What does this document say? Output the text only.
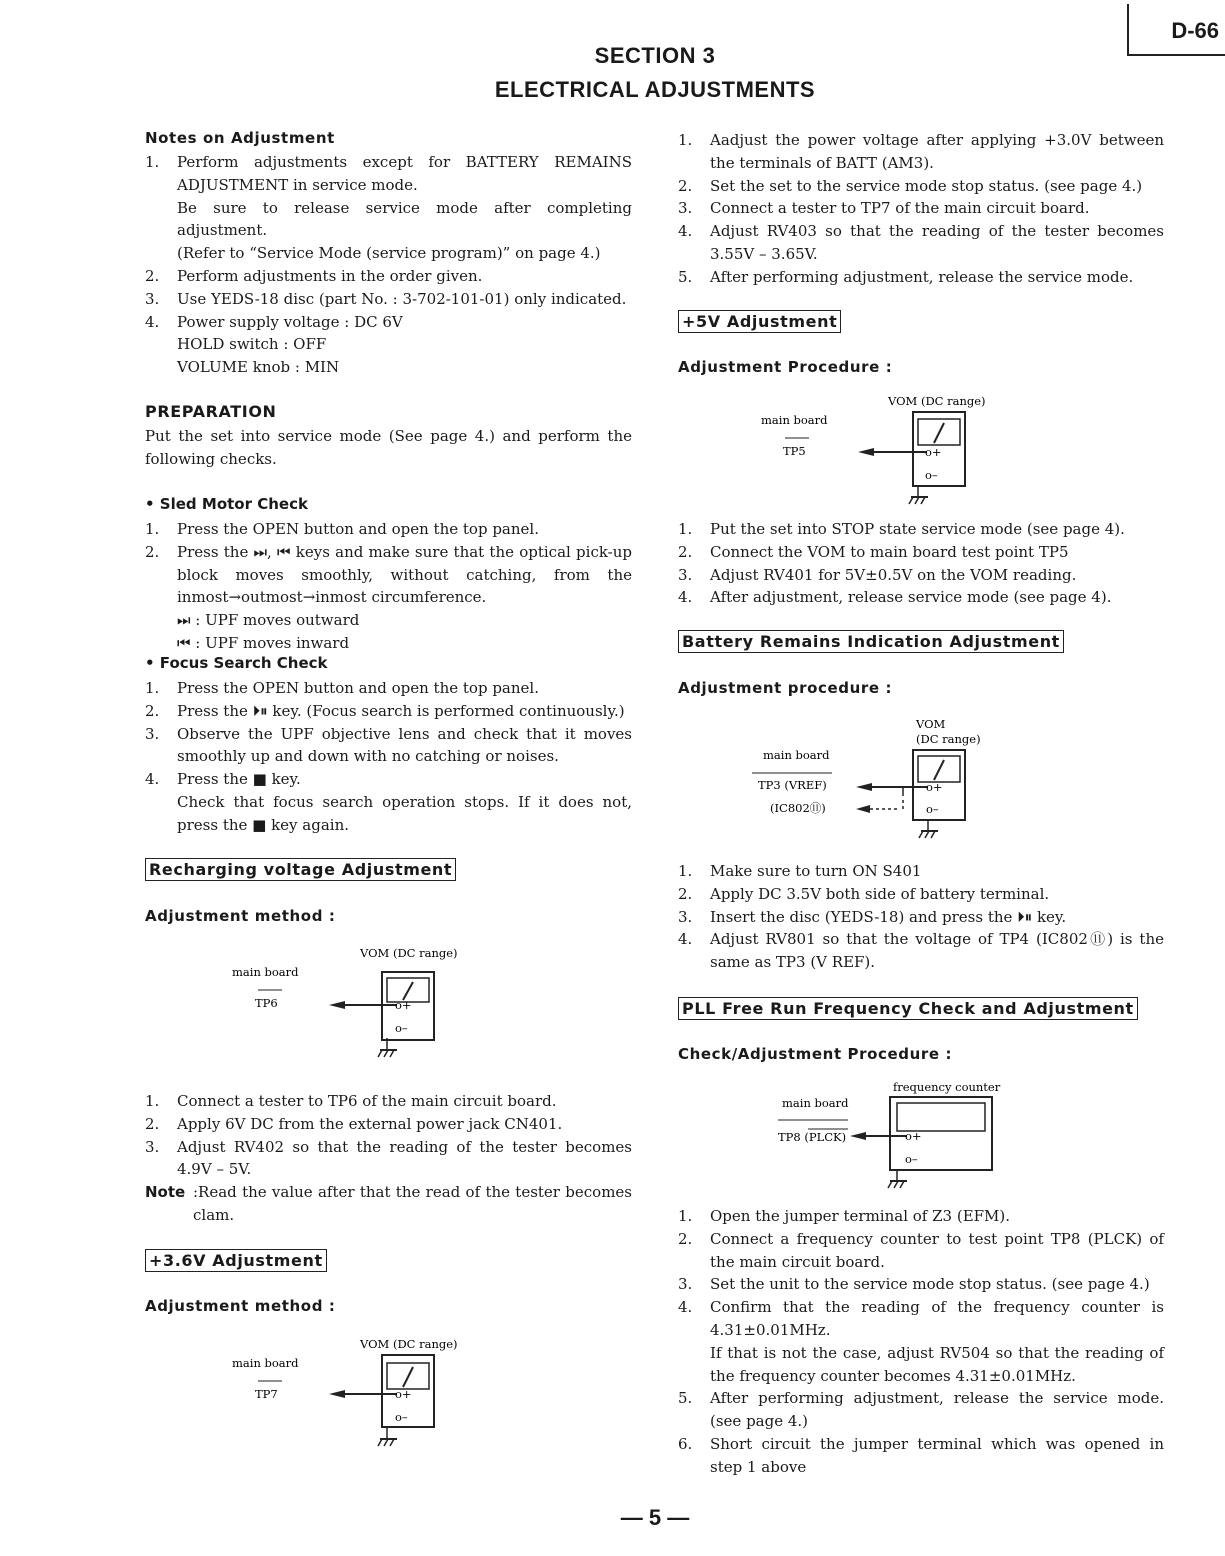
D-66
SECTION 3
ELECTRICAL ADJUSTMENTS
Notes on Adjustment
1. Perform adjustments except for BATTERY REMAINS ADJUSTMENT in service mode.
Be sure to release service mode after completing adjustment.
(Refer to “Service Mode (service program)” on page 4.)
2. Perform adjustments in the order given.
3. Use YEDS-18 disc (part No. : 3-702-101-01) only indicated.
4. Power supply voltage : DC 6V
HOLD switch : OFF
VOLUME knob : MIN
PREPARATION
Put the set into service mode (See page 4.) and perform the following checks.
• Sled Motor Check
1. Press the OPEN button and open the top panel.
2. Press the ⏭, ⏮ keys and make sure that the optical pick-up block moves smoothly, without catching, from the inmost→outmost→inmost circumference.
⏭ : UPF moves outward
⏮ : UPF moves inward
• Focus Search Check
1. Press the OPEN button and open the top panel.
2. Press the ⏵⏸ key. (Focus search is performed continuously.)
3. Observe the UPF objective lens and check that it moves smoothly up and down with no catching or noises.
4. Press the ■ key.
Check that focus search operation stops. If it does not, press the ■ key again.
Recharging voltage Adjustment
Adjustment method :
VOM (DC range)
main board
TP6	o+
o–
1. Connect a tester to TP6 of the main circuit board.
2. Apply 6V DC from the external power jack CN401.
3. Adjust RV402 so that the reading of the tester becomes 4.9V – 5V.
Note :Read the value after that the read of the tester becomes clam.
+3.6V Adjustment
Adjustment method :
VOM (DC range)
main board
TP7	o+
o–
1. Aadjust the power voltage after applying +3.0V between the terminals of BATT (AM3).
2. Set the set to the service mode stop status. (see page 4.)
3. Connect a tester to TP7 of the main circuit board.
4. Adjust RV403 so that the reading of the tester becomes 3.55V – 3.65V.
5. After performing adjustment, release the service mode.
+5V Adjustment
Adjustment Procedure :
VOM (DC range)
main board
TP5	o+
o–
1. Put the set into STOP state service mode (see page 4).
2. Connect the VOM to main board test point TP5
3. Adjust RV401 for 5V±0.5V on the VOM reading.
4. After adjustment, release service mode (see page 4).
Battery Remains Indication Adjustment
Adjustment procedure :
VOM
(DC range)
main board
TP3 (VREF)
(IC802⑪)
o+
o–
1. Make sure to turn ON S401
2. Apply DC 3.5V both side of battery terminal.
3. Insert the disc (YEDS-18) and press the ⏵⏸ key.
4. Adjust RV801 so that the voltage of TP4 (IC802⑪) is the same as TP3 (V REF).
PLL Free Run Frequency Check and Adjustment
Check/Adjustment Procedure :
frequency counter
main board
TP8 (PLCK)	o+
o–
1. Open the jumper terminal of Z3 (EFM).
2. Connect a frequency counter to test point TP8 (PLCK) of the main circuit board.
3. Set the unit to the service mode stop status. (see page 4.)
4. Confirm that the reading of the frequency counter is 4.31±0.01MHz.
If that is not the case, adjust RV504 so that the reading of the frequency counter becomes 4.31±0.01MHz.
5. After performing adjustment, release the service mode. (see page 4.)
6. Short circuit the jumper terminal which was opened in step 1 above
— 5 —
